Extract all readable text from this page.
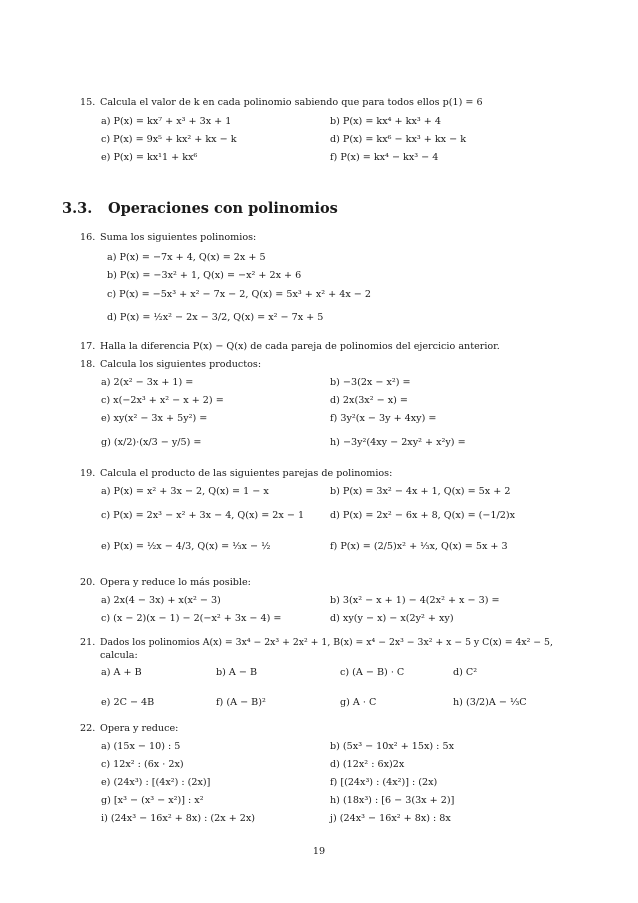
15. Calcula el valor de k en cada polinomio sabiendo que para todos ellos p(1) = 6
a) P(x) = kx⁷ + x³ + 3x + 1	b) P(x) = kx⁴ + kx³ + 4
c) P(x) = 9x⁵ + kx² + kx − k	d) P(x) = kx⁶ − kx³ + kx − k
e) P(x) = kx¹1 + kx⁶	f) P(x) = kx⁴ − kx³ − 4
3.3. Operaciones con polinomios
16. Suma los siguientes polinomios:
a) P(x) = −7x + 4, Q(x) = 2x + 5
b) P(x) = −3x² + 1, Q(x) = −x² + 2x + 6
c) P(x) = −5x³ + x² − 7x − 2, Q(x) = 5x³ + x² + 4x − 2
d) P(x) = ½x² − 2x − 3/2, Q(x) = x² − 7x + 5
17. Halla la diferencia P(x) − Q(x) de cada pareja de polinomios del ejercicio anterior.
18. Calcula los siguientes productos:
a) 2(x² − 3x + 1) =	b) −3(2x − x²) =
c) x(−2x³ + x² − x + 2) =	d) 2x(3x² − x) =
e) xy(x² − 3x + 5y²) =	f) 3y²(x − 3y + 4xy) =
g) (x/2)·(x/3 − y/5) =	h) −3y²(4xy − 2xy² + x²y) =
19. Calcula el producto de las siguientes parejas de polinomios:
a) P(x) = x² + 3x − 2, Q(x) = 1 − x	b) P(x) = 3x² − 4x + 1, Q(x) = 5x + 2
c) P(x) = 2x³ − x² + 3x − 4, Q(x) = 2x − 1	d) P(x) = 2x² − 6x + 8, Q(x) = (−1/2)x
e) P(x) = ½x − 4/3, Q(x) = ⅓x − ½	f) P(x) = (2/5)x² + ⅓x, Q(x) = 5x + 3
20. Opera y reduce lo más posible:
a) 2x(4 − 3x) + x(x² − 3)	b) 3(x² − x + 1) − 4(2x² + x − 3) =
c) (x − 2)(x − 1) − 2(−x² + 3x − 4) =	d) xy(y − x) − x(2y² + xy)
21. Dados los polinomios A(x) = 3x⁴ − 2x³ + 2x² + 1, B(x) = x⁴ − 2x³ − 3x² + x − 5 y C(x) = 4x² − 5,
calcula:
a) A + B	b) A − B	c) (A − B) · C	d) C²
e) 2C − 4B	f) (A − B)²	g) A · C	h) (3/2)A − ⅓C
22. Opera y reduce:
a) (15x − 10) : 5	b) (5x³ − 10x² + 15x) : 5x
c) 12x² : (6x · 2x)	d) (12x² : 6x)2x
e) (24x³) : [(4x²) : (2x)]	f) [(24x³) : (4x²)] : (2x)
g) [x³ − (x³ − x²)] : x²	h) (18x³) : [6 − 3(3x + 2)]
i) (24x³ − 16x² + 8x) : (2x + 2x)	j) (24x³ − 16x² + 8x) : 8x
19
